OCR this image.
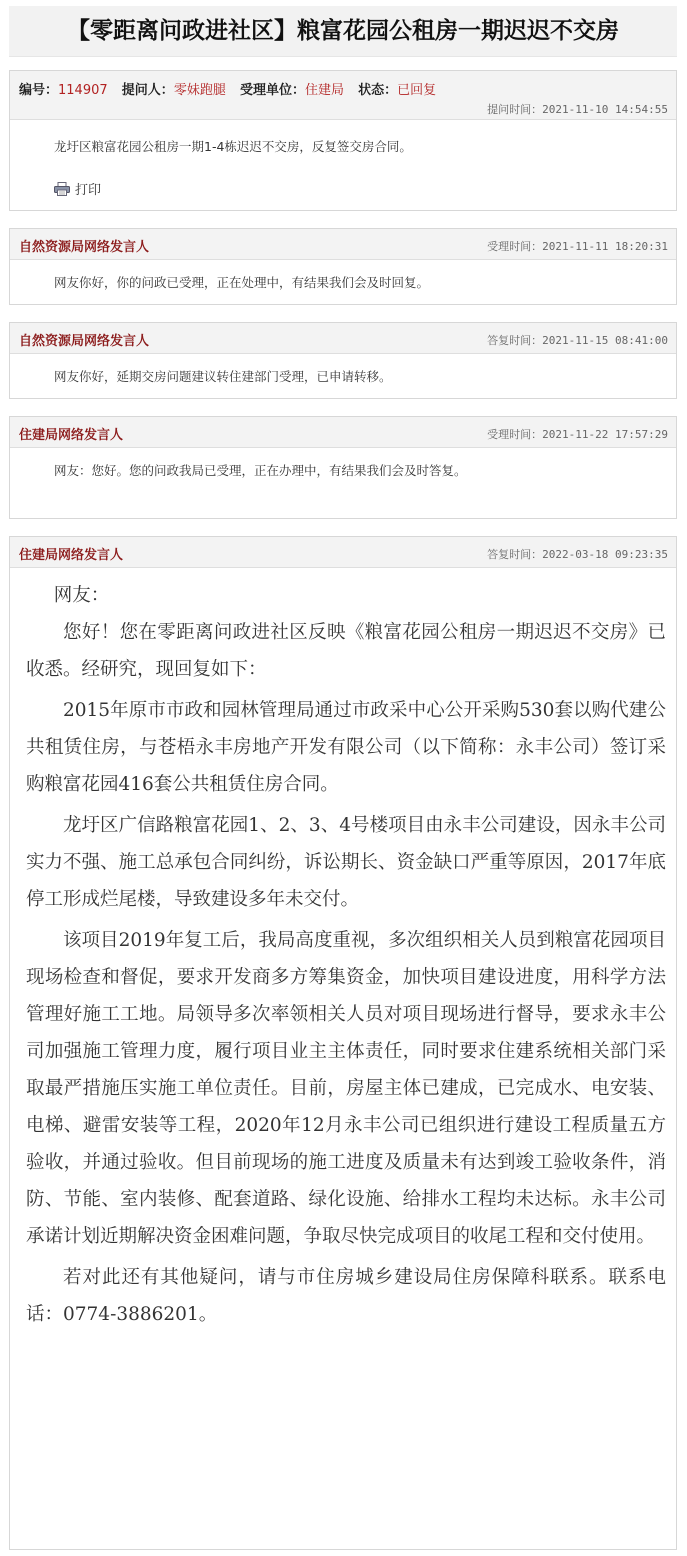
【零距离问政进社区】粮富花园公租房一期迟迟不交房
编号：114907 提问人：零妹跑腿 受理单位：住建局 状态：已回复
提问时间：2021-11-10 14:54:55
龙圩区粮富花园公租房一期1-4栋迟迟不交房，反复签交房合同。
打印
自然资源局网络发言人	受理时间：2021-11-11 18:20:31
网友你好，你的问政已受理，正在处理中，有结果我们会及时回复。
自然资源局网络发言人	答复时间：2021-11-15 08:41:00
网友你好，延期交房问题建议转住建部门受理，已申请转移。
住建局网络发言人	受理时间：2021-11-22 17:57:29
网友：您好。您的问政我局已受理，正在办理中，有结果我们会及时答复。
住建局网络发言人	答复时间：2022-03-18 09:23:35

网友：

您好！您在零距离问政进社区反映《粮富花园公租房一期迟迟不交房》已收悉。经研究，现回复如下：

2015年原市市政和园林管理局通过市政采中心公开采购530套以购代建公共租赁住房，与苍梧永丰房地产开发有限公司（以下简称：永丰公司）签订采购粮富花园416套公共租赁住房合同。

龙圩区广信路粮富花园1、2、3、4号楼项目由永丰公司建设，因永丰公司实力不强、施工总承包合同纠纷，诉讼期长、资金缺口严重等原因，2017年底停工形成烂尾楼，导致建设多年未交付。

该项目2019年复工后，我局高度重视，多次组织相关人员到粮富花园项目现场检查和督促，要求开发商多方筹集资金，加快项目建设进度，用科学方法管理好施工工地。局领导多次率领相关人员对项目现场进行督导，要求永丰公司加强施工管理力度，履行项目业主主体责任，同时要求住建系统相关部门采取最严措施压实施工单位责任。目前，房屋主体已建成，已完成水、电安装、电梯、避雷安装等工程，2020年12月永丰公司已组织进行建设工程质量五方验收，并通过验收。但目前现场的施工进度及质量未有达到竣工验收条件，消防、节能、室内装修、配套道路、绿化设施、给排水工程均未达标。永丰公司承诺计划近期解决资金困难问题，争取尽快完成项目的收尾工程和交付使用。

若对此还有其他疑问，请与市住房城乡建设局住房保障科联系。联系电话：0774-3886201。
